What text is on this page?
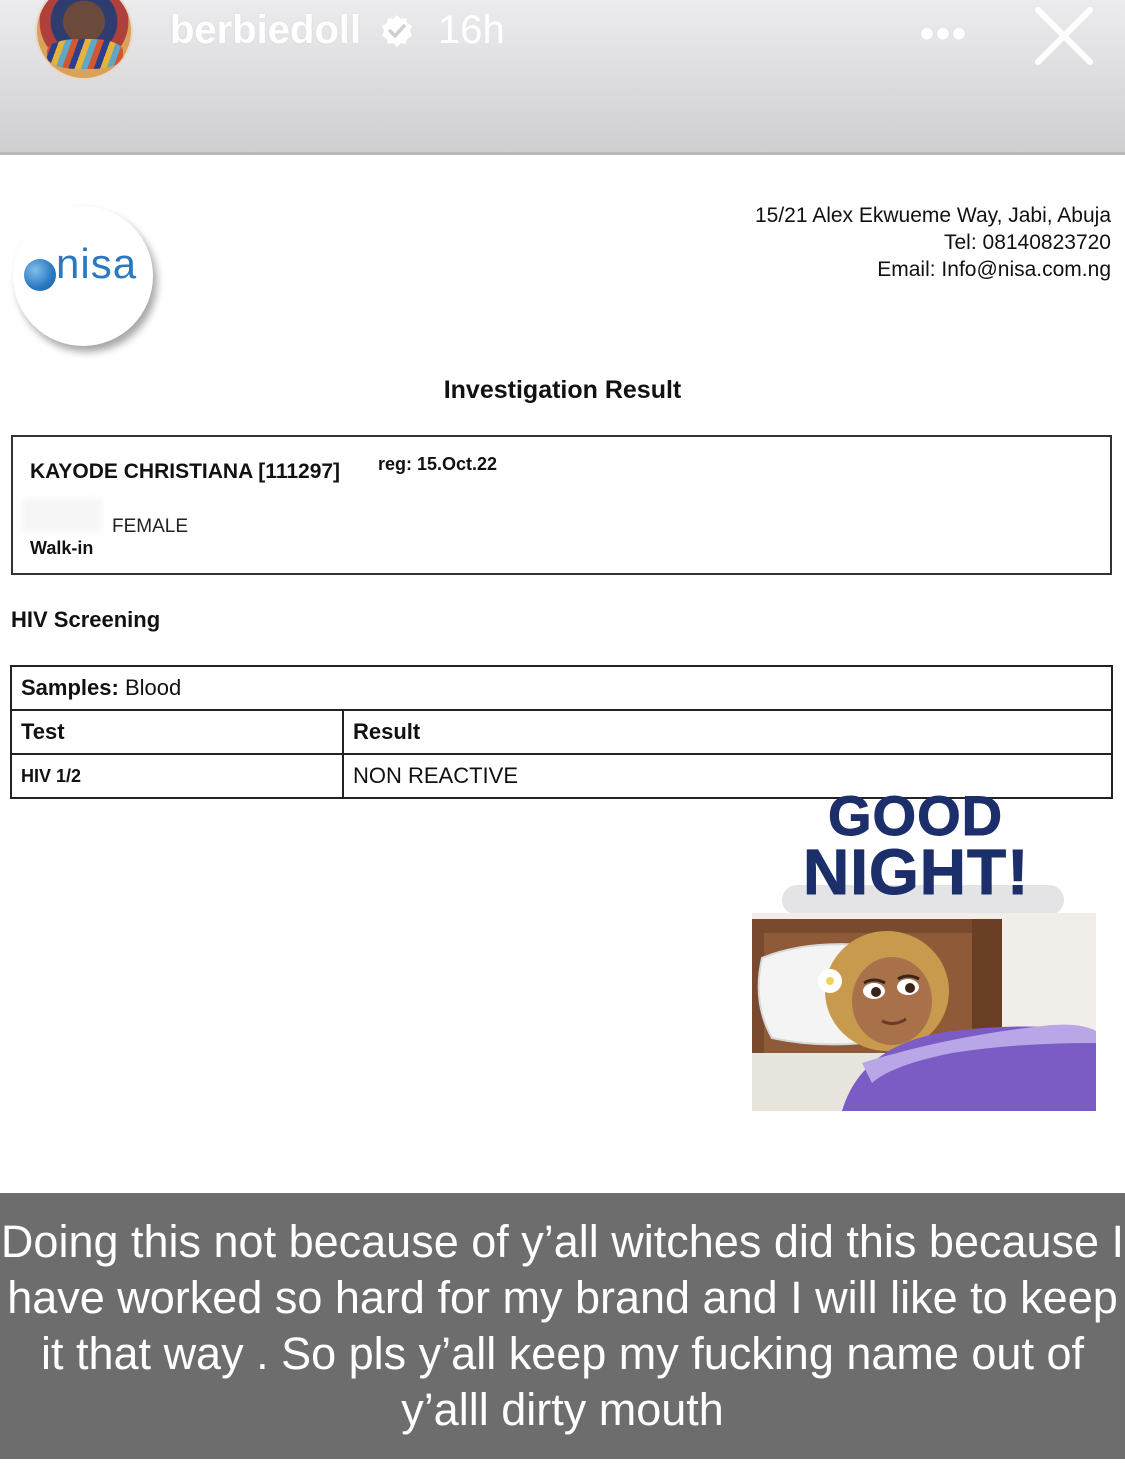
berbiedoll 16h	•••
nisa
15/21 Alex Ekwueme Way, Jabi, Abuja
Tel: 08140823720
Email: Info@nisa.com.ng
Investigation Result
KAYODE CHRISTIANA [111297] reg: 15.Oct.22
FEMALE
Walk-in
HIV Screening
Samples: Blood	
Test	Result
HIV 1/2	NON REACTIVE
GOOD
NIGHT!
Doing this not because of y’all witches did this because I have worked so hard for my brand and I will like to keep it that way . So pls y’all keep my fucking name out of y’alll dirty mouth
